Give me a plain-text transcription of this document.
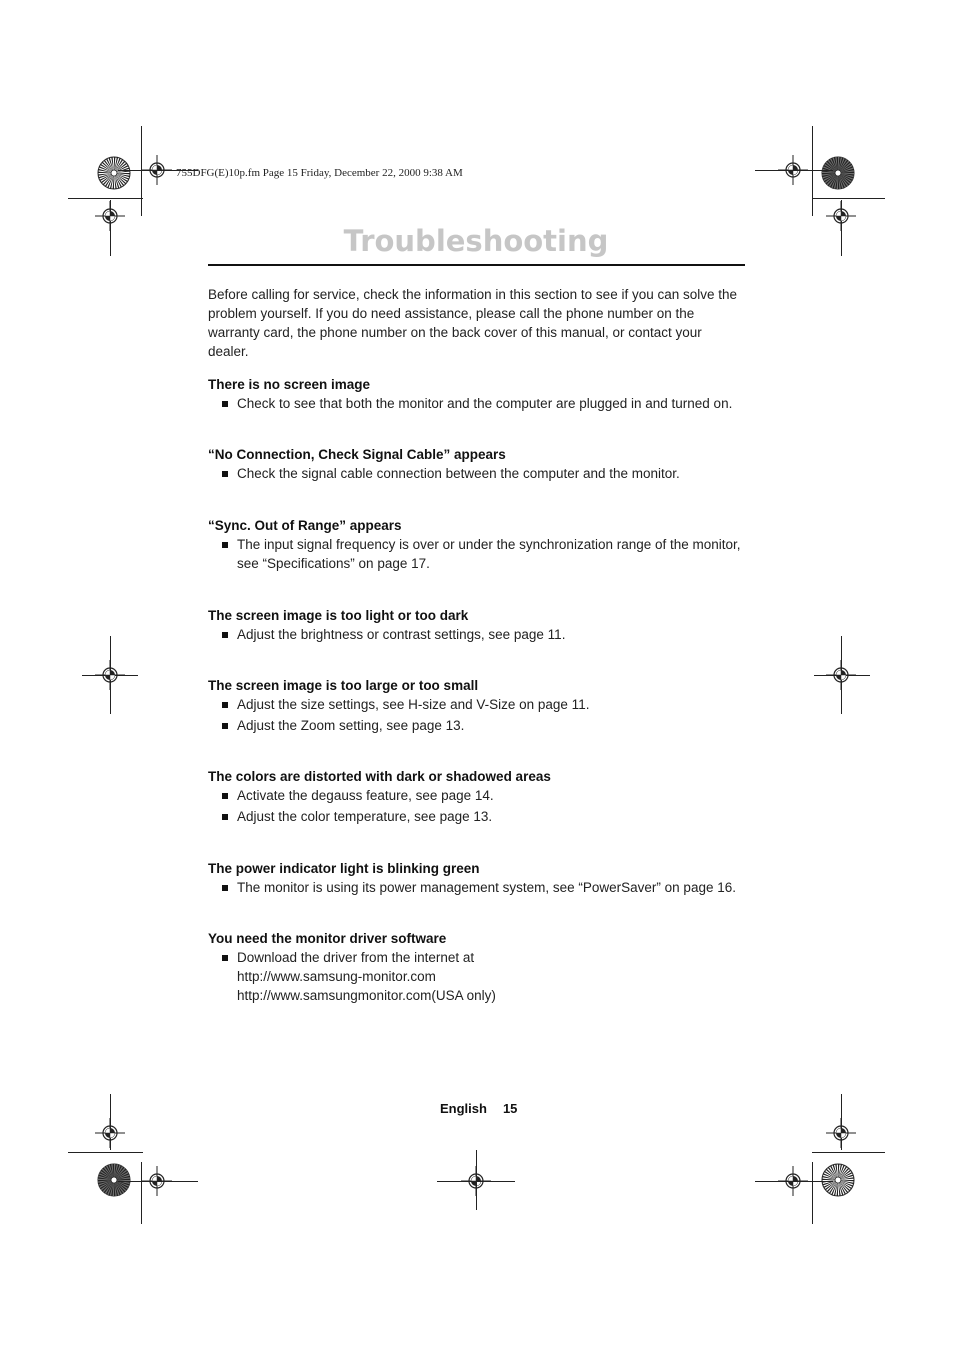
755DFG(E)10p.fm Page 15 Friday, December 22, 2000 9:38 AM
Troubleshooting
Before calling for service, check the information in this section to see if you can solve the problem yourself. If you do need assistance, please call the phone number on the warranty card, the phone number on the back cover of this manual, or contact your dealer.
There is no screen image
Check to see that both the monitor and the computer are plugged in and turned on.
“No Connection, Check Signal Cable” appears
Check the signal cable connection between the computer and the monitor.
“Sync. Out of Range” appears
The input signal frequency is over or under the synchronization range of the monitor, see “Specifications” on page 17.
The screen image is too light or too dark
Adjust the brightness or contrast settings, see page 11.
The screen image is too large or too small
Adjust the size settings, see H-size and V-Size on page 11.
Adjust the Zoom setting, see page 13.
The colors are distorted with dark or shadowed areas
Activate the degauss feature, see page 14.
Adjust the color temperature, see page 13.
The power indicator light is blinking green
The monitor is using its power management system, see “PowerSaver” on page 16.
You need the monitor driver software
Download the driver from the internet at
http://www.samsung-monitor.com
http://www.samsungmonitor.com(USA only)
English 15
